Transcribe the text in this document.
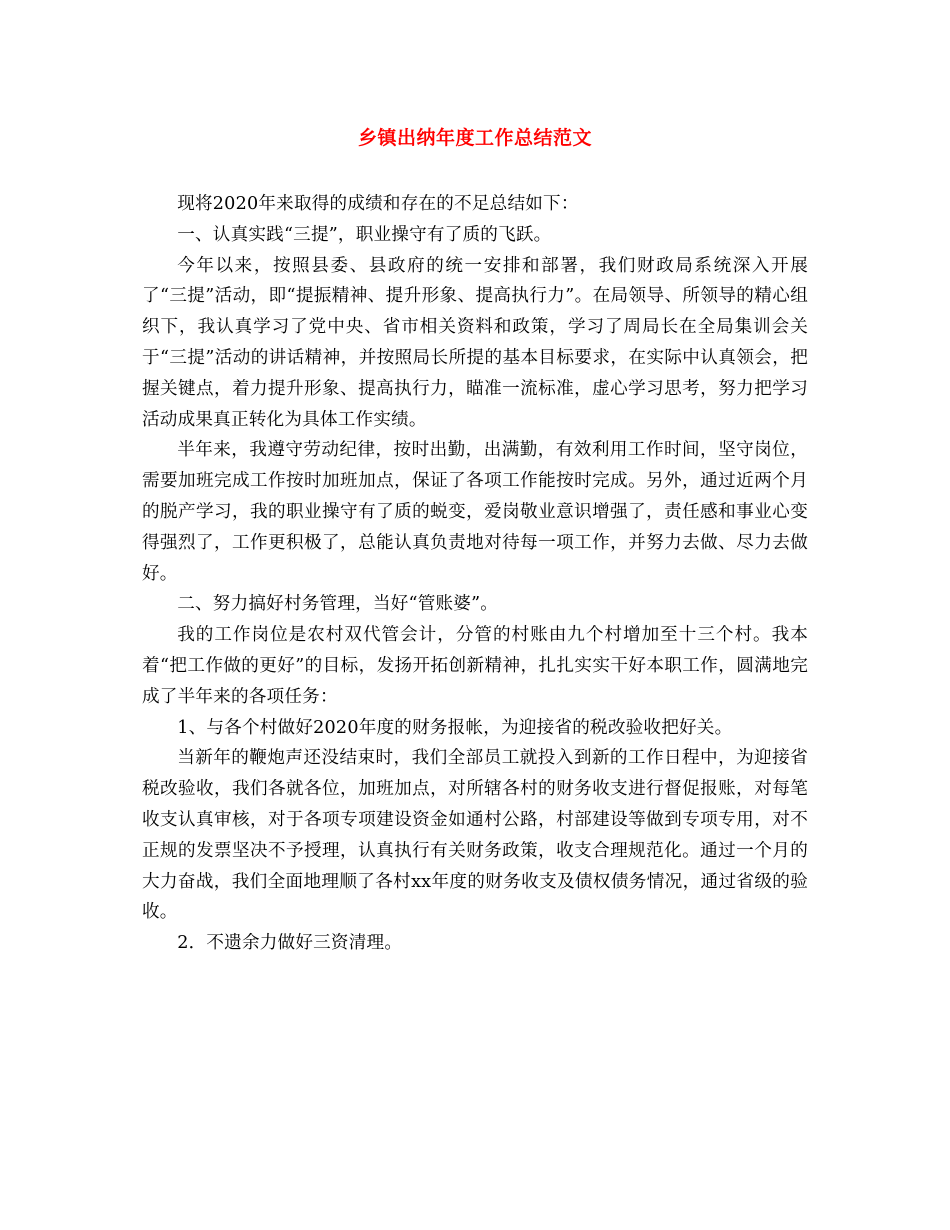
乡镇出纳年度工作总结范文

现将2020年来取得的成绩和存在的不足总结如下：

一、认真实践“三提”，职业操守有了质的飞跃。

今年以来，按照县委、县政府的统一安排和部署，我们财政局系统深入开展了“三提”活动，即“提振精神、提升形象、提高执行力”。在局领导、所领导的精心组织下，我认真学习了党中央、省市相关资料和政策，学习了周局长在全局集训会关于“三提”活动的讲话精神，并按照局长所提的基本目标要求，在实际中认真领会，把握关键点，着力提升形象、提高执行力，瞄准一流标准，虚心学习思考，努力把学习活动成果真正转化为具体工作实绩。

半年来，我遵守劳动纪律，按时出勤，出满勤，有效利用工作时间，坚守岗位，需要加班完成工作按时加班加点，保证了各项工作能按时完成。另外，通过近两个月的脱产学习，我的职业操守有了质的蜕变，爱岗敬业意识增强了，责任感和事业心变得强烈了，工作更积极了，总能认真负责地对待每一项工作，并努力去做、尽力去做好。

二、努力搞好村务管理，当好“管账婆”。

我的工作岗位是农村双代管会计，分管的村账由九个村增加至十三个村。我本着“把工作做的更好”的目标，发扬开拓创新精神，扎扎实实干好本职工作，圆满地完成了半年来的各项任务：

1、与各个村做好2020年度的财务报帐，为迎接省的税改验收把好关。

当新年的鞭炮声还没结束时，我们全部员工就投入到新的工作日程中，为迎接省税改验收，我们各就各位，加班加点，对所辖各村的财务收支进行督促报账，对每笔收支认真审核，对于各项专项建设资金如通村公路，村部建设等做到专项专用，对不正规的发票坚决不予授理，认真执行有关财务政策，收支合理规范化。通过一个月的大力奋战，我们全面地理顺了各村xx年度的财务收支及债权债务情况，通过省级的验收。

2．不遗余力做好三资清理。
